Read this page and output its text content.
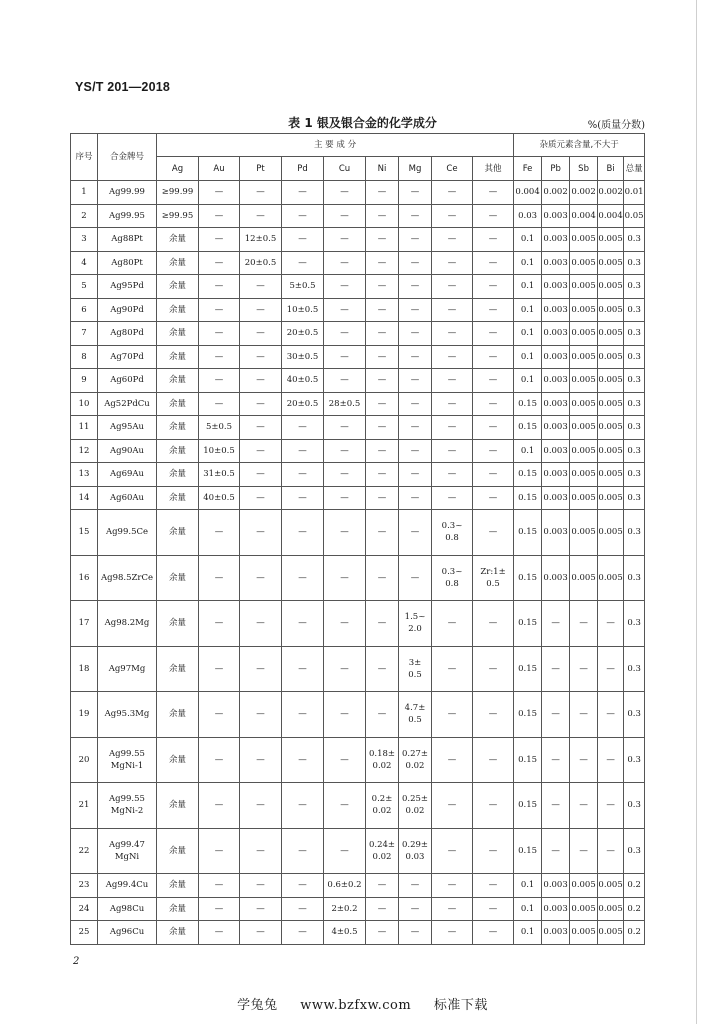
YS/T 201—2018
表 1 银及银合金的化学成分	%(质量分数)
序号	合金牌号	主 要 成 分									杂质元素含量,不大于				
		Ag	Au	Pt	Pd	Cu	Ni	Mg	Ce	其他	Fe	Pb	Sb	Bi	总量
1	Ag99.99	≥99.99	—	—	—	—	—	—	—	—	0.004	0.002	0.002	0.002	0.01
2	Ag99.95	≥99.95	—	—	—	—	—	—	—	—	0.03	0.003	0.004	0.004	0.05
3	Ag88Pt	余量	—	12±0.5	—	—	—	—	—	—	0.1	0.003	0.005	0.005	0.3
4	Ag80Pt	余量	—	20±0.5	—	—	—	—	—	—	0.1	0.003	0.005	0.005	0.3
5	Ag95Pd	余量	—	—	5±0.5	—	—	—	—	—	0.1	0.003	0.005	0.005	0.3
6	Ag90Pd	余量	—	—	10±0.5	—	—	—	—	—	0.1	0.003	0.005	0.005	0.3
7	Ag80Pd	余量	—	—	20±0.5	—	—	—	—	—	0.1	0.003	0.005	0.005	0.3
8	Ag70Pd	余量	—	—	30±0.5	—	—	—	—	—	0.1	0.003	0.005	0.005	0.3
9	Ag60Pd	余量	—	—	40±0.5	—	—	—	—	—	0.1	0.003	0.005	0.005	0.3
10	Ag52PdCu	余量	—	—	20±0.5	28±0.5	—	—	—	—	0.15	0.003	0.005	0.005	0.3
11	Ag95Au	余量	5±0.5	—	—	—	—	—	—	—	0.15	0.003	0.005	0.005	0.3
12	Ag90Au	余量	10±0.5	—	—	—	—	—	—	—	0.1	0.003	0.005	0.005	0.3
13	Ag69Au	余量	31±0.5	—	—	—	—	—	—	—	0.15	0.003	0.005	0.005	0.3
14	Ag60Au	余量	40±0.5	—	—	—	—	—	—	—	0.15	0.003	0.005	0.005	0.3
15	Ag99.5Ce	余量	—	—	—	—	—	—	0.3~
0.8	—	0.15	0.003	0.005	0.005	0.3
16	Ag98.5ZrCe	余量	—	—	—	—	—	—	0.3~
0.8	Zr:1±
0.5	0.15	0.003	0.005	0.005	0.3
17	Ag98.2Mg	余量	—	—	—	—	—	1.5~
2.0	—	—	0.15	—	—	—	0.3
18	Ag97Mg	余量	—	—	—	—	—	3±
0.5	—	—	0.15	—	—	—	0.3
19	Ag95.3Mg	余量	—	—	—	—	—	4.7±
0.5	—	—	0.15	—	—	—	0.3
20	Ag99.55
MgNi-1	余量	—	—	—	—	0.18±
0.02	0.27±
0.02	—	—	0.15	—	—	—	0.3
21	Ag99.55
MgNi-2	余量	—	—	—	—	0.2±
0.02	0.25±
0.02	—	—	0.15	—	—	—	0.3
22	Ag99.47
MgNi	余量	—	—	—	—	0.24±
0.02	0.29±
0.03	—	—	0.15	—	—	—	0.3
23	Ag99.4Cu	余量	—	—	—	0.6±0.2	—	—	—	—	0.1	0.003	0.005	0.005	0.2
24	Ag98Cu	余量	—	—	—	2±0.2	—	—	—	—	0.1	0.003	0.005	0.005	0.2
25	Ag96Cu	余量	—	—	—	4±0.5	—	—	—	—	0.1	0.003	0.005	0.005	0.2
2
学兔兔 www.bzfxw.com 标准下载
